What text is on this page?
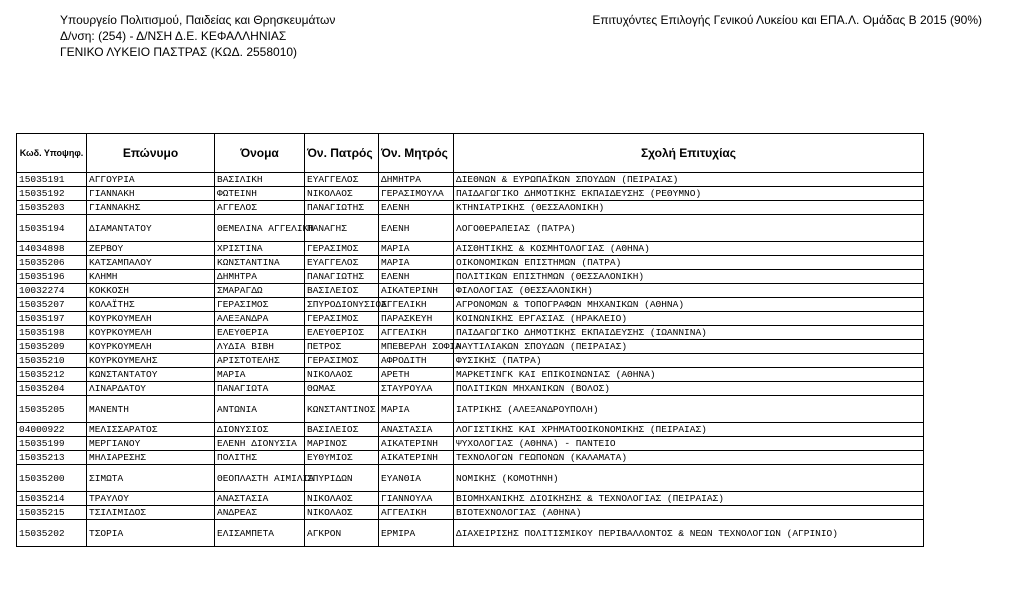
Υπουργείο Πολιτισμού, Παιδείας και Θρησκευμάτων
Δ/νση: (254) - Δ/ΝΣΗ Δ.Ε. ΚΕΦΑΛΛΗΝΙΑΣ
ΓΕΝΙΚΟ ΛΥΚΕΙΟ ΠΑΣΤΡΑΣ (ΚΩΔ. 2558010)
Επιτυχόντες Επιλογής Γενικού Λυκείου και ΕΠΑ.Λ. Ομάδας Β 2015 (90%)
Κωδ. Υποψηφ.	Επώνυμο	Όνομα	Όν. Πατρός	Όν. Μητρός	Σχολή Επιτυχίας
15035191	ΑΓΓΟΥΡΙΑ	ΒΑΣΙΛΙΚΗ	ΕΥΑΓΓΕΛΟΣ	ΔΗΜΗΤΡΑ	ΔΙΕΘΝΩΝ & ΕΥΡΩΠΑΪΚΩΝ ΣΠΟΥΔΩΝ (ΠΕΙΡΑΙΑΣ)
15035192	ΓΙΑΝΝΑΚΗ	ΦΩΤΕΙΝΗ	ΝΙΚΟΛΑΟΣ	ΓΕΡΑΣΙΜΟΥΛΑ	ΠΑΙΔΑΓΩΓΙΚΟ ΔΗΜΟΤΙΚΗΣ ΕΚΠΑΙΔΕΥΣΗΣ (ΡΕΘΥΜΝΟ)
15035203	ΓΙΑΝΝΑΚΗΣ	ΑΓΓΕΛΟΣ	ΠΑΝΑΓΙΩΤΗΣ	ΕΛΕΝΗ	ΚΤΗΝΙΑΤΡΙΚΗΣ (ΘΕΣΣΑΛΟΝΙΚΗ)
15035194	ΔΙΑΜΑΝΤΑΤΟΥ	ΘΕΜΕΛΙΝΑ ΑΓΓΕΛΙΚΗ	ΠΑΝΑΓΗΣ	ΕΛΕΝΗ	ΛΟΓΟΘΕΡΑΠΕΙΑΣ (ΠΑΤΡΑ)
14034898	ΖΕΡΒΟΥ	ΧΡΙΣΤΙΝΑ	ΓΕΡΑΣΙΜΟΣ	ΜΑΡΙΑ	ΑΙΣΘΗΤΙΚΗΣ & ΚΟΣΜΗΤΟΛΟΓΙΑΣ (ΑΘΗΝΑ)
15035206	ΚΑΤΣΑΜΠΑΛΟΥ	ΚΩΝΣΤΑΝΤΙΝΑ	ΕΥΑΓΓΕΛΟΣ	ΜΑΡΙΑ	ΟΙΚΟΝΟΜΙΚΩΝ ΕΠΙΣΤΗΜΩΝ (ΠΑΤΡΑ)
15035196	ΚΛΗΜΗ	ΔΗΜΗΤΡΑ	ΠΑΝΑΓΙΩΤΗΣ	ΕΛΕΝΗ	ΠΟΛΙΤΙΚΩΝ ΕΠΙΣΤΗΜΩΝ (ΘΕΣΣΑΛΟΝΙΚΗ)
10032274	ΚΟΚΚΟΣΗ	ΣΜΑΡΑΓΔΩ	ΒΑΣΙΛΕΙΟΣ	ΑΙΚΑΤΕΡΙΝΗ	ΦΙΛΟΛΟΓΙΑΣ (ΘΕΣΣΑΛΟΝΙΚΗ)
15035207	ΚΟΛΑΪΤΗΣ	ΓΕΡΑΣΙΜΟΣ	ΣΠΥΡΟΔΙΟΝΥΣΙΟΣ	ΑΓΓΕΛΙΚΗ	ΑΓΡΟΝΟΜΩΝ & ΤΟΠΟΓΡΑΦΩΝ ΜΗΧΑΝΙΚΩΝ (ΑΘΗΝΑ)
15035197	ΚΟΥΡΚΟΥΜΕΛΗ	ΑΛΕΞΑΝΔΡΑ	ΓΕΡΑΣΙΜΟΣ	ΠΑΡΑΣΚΕΥΗ	ΚΟΙΝΩΝΙΚΗΣ ΕΡΓΑΣΙΑΣ (ΗΡΑΚΛΕΙΟ)
15035198	ΚΟΥΡΚΟΥΜΕΛΗ	ΕΛΕΥΘΕΡΙΑ	ΕΛΕΥΘΕΡΙΟΣ	ΑΓΓΕΛΙΚΗ	ΠΑΙΔΑΓΩΓΙΚΟ ΔΗΜΟΤΙΚΗΣ ΕΚΠΑΙΔΕΥΣΗΣ (ΙΩΑΝΝΙΝΑ)
15035209	ΚΟΥΡΚΟΥΜΕΛΗ	ΛΥΔΙΑ ΒΙΒΗ	ΠΕΤΡΟΣ	ΜΠΕΒΕΡΛΗ ΣΟΦΙΑ	ΝΑΥΤΙΛΙΑΚΩΝ ΣΠΟΥΔΩΝ (ΠΕΙΡΑΙΑΣ)
15035210	ΚΟΥΡΚΟΥΜΕΛΗΣ	ΑΡΙΣΤΟΤΕΛΗΣ	ΓΕΡΑΣΙΜΟΣ	ΑΦΡΟΔΙΤΗ	ΦΥΣΙΚΗΣ (ΠΑΤΡΑ)
15035212	ΚΩΝΣΤΑΝΤΑΤΟΥ	ΜΑΡΙΑ	ΝΙΚΟΛΑΟΣ	ΑΡΕΤΗ	ΜΑΡΚΕΤΙΝΓΚ ΚΑΙ ΕΠΙΚΟΙΝΩΝΙΑΣ (ΑΘΗΝΑ)
15035204	ΛΙΝΑΡΔΑΤΟΥ	ΠΑΝΑΓΙΩΤΑ	ΘΩΜΑΣ	ΣΤΑΥΡΟΥΛΑ	ΠΟΛΙΤΙΚΩΝ ΜΗΧΑΝΙΚΩΝ (ΒΟΛΟΣ)
15035205	ΜΑΝΕΝΤΗ	ΑΝΤΩΝΙΑ	ΚΩΝΣΤΑΝΤΙΝΟΣ	ΜΑΡΙΑ	ΙΑΤΡΙΚΗΣ (ΑΛΕΞΑΝΔΡΟΥΠΟΛΗ)
04000922	ΜΕΛΙΣΣΑΡΑΤΟΣ	ΔΙΟΝΥΣΙΟΣ	ΒΑΣΙΛΕΙΟΣ	ΑΝΑΣΤΑΣΙΑ	ΛΟΓΙΣΤΙΚΗΣ ΚΑΙ ΧΡΗΜΑΤΟΟΙΚΟΝΟΜΙΚΗΣ (ΠΕΙΡΑΙΑΣ)
15035199	ΜΕΡΓΙΑΝΟΥ	ΕΛΕΝΗ ΔΙΟΝΥΣΙΑ	ΜΑΡΙΝΟΣ	ΑΙΚΑΤΕΡΙΝΗ	ΨΥΧΟΛΟΓΙΑΣ (ΑΘΗΝΑ) - ΠΑΝΤΕΙΟ
15035213	ΜΗΛΙΑΡΕΣΗΣ	ΠΟΛΙΤΗΣ	ΕΥΘΥΜΙΟΣ	ΑΙΚΑΤΕΡΙΝΗ	ΤΕΧΝΟΛΟΓΩΝ ΓΕΩΠΟΝΩΝ (ΚΑΛΑΜΑΤΑ)
15035200	ΣΙΜΩΤΑ	ΘΕΟΠΛΑΣΤΗ ΑΙΜΙΛΙΑ	ΣΠΥΡΙΔΩΝ	ΕΥΑΝΘΙΑ	ΝΟΜΙΚΗΣ (ΚΟΜΟΤΗΝΗ)
15035214	ΤΡΑΥΛΟΥ	ΑΝΑΣΤΑΣΙΑ	ΝΙΚΟΛΑΟΣ	ΓΙΑΝΝΟΥΛΑ	ΒΙΟΜΗΧΑΝΙΚΗΣ ΔΙΟΙΚΗΣΗΣ & ΤΕΧΝΟΛΟΓΙΑΣ (ΠΕΙΡΑΙΑΣ)
15035215	ΤΣΙΛΙΜΙΔΟΣ	ΑΝΔΡΕΑΣ	ΝΙΚΟΛΑΟΣ	ΑΓΓΕΛΙΚΗ	ΒΙΟΤΕΧΝΟΛΟΓΙΑΣ (ΑΘΗΝΑ)
15035202	ΤΣΟΡΙΑ	ΕΛΙΣΑΜΠΕΤΑ	ΑΓΚΡΟΝ	ΕΡΜΙΡΑ	ΔΙΑΧΕΙΡΙΣΗΣ ΠΟΛΙΤΙΣΜΙΚΟΥ ΠΕΡΙΒΑΛΛΟΝΤΟΣ & ΝΕΩΝ ΤΕΧΝΟΛΟΓΙΩΝ (ΑΓΡΙΝΙΟ)
